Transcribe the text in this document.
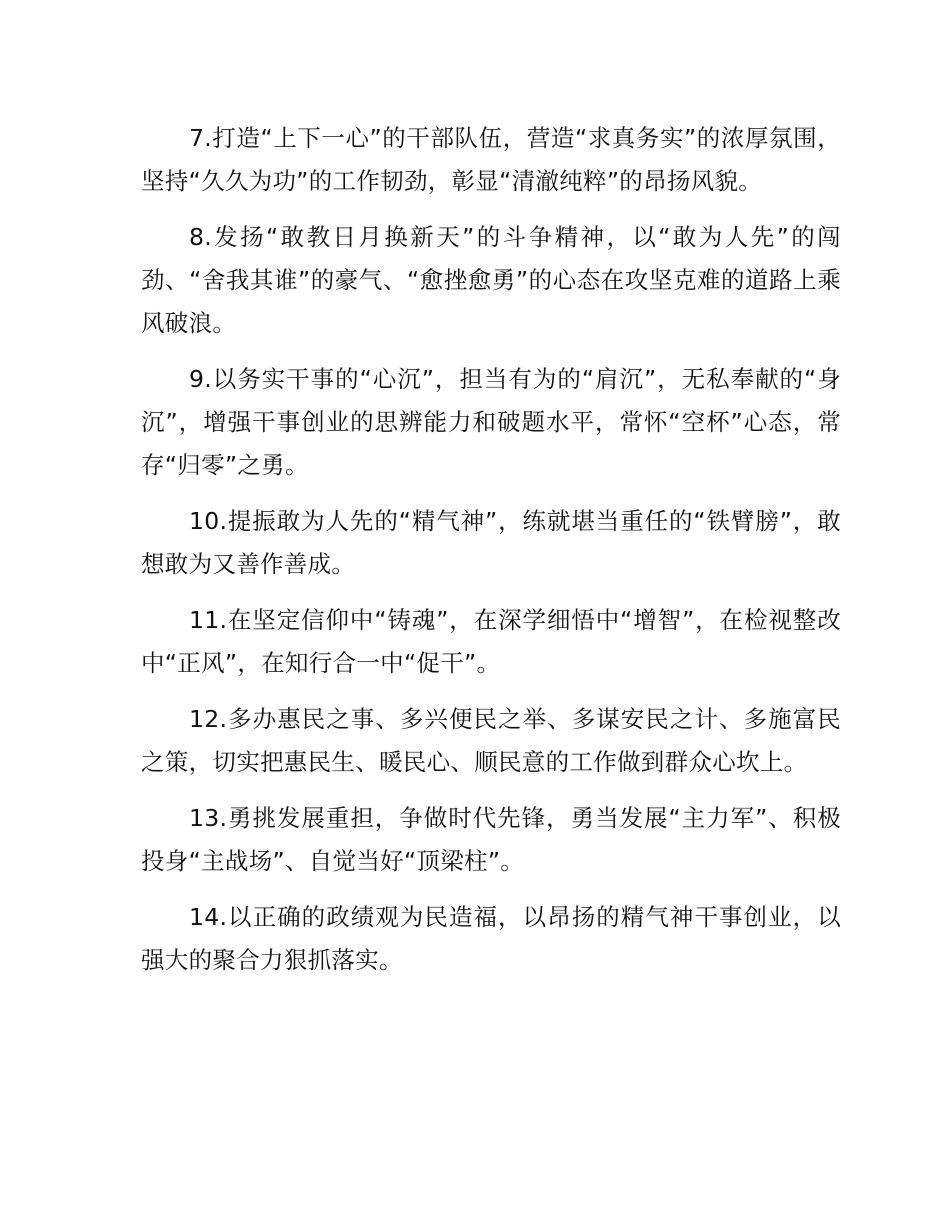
7.打造“上下一心”的干部队伍，营造“求真务实”的浓厚氛围，坚持“久久为功”的工作韧劲，彰显“清澈纯粹”的昂扬风貌。

8.发扬“敢教日月换新天”的斗争精神，以“敢为人先”的闯劲、“舍我其谁”的豪气、“愈挫愈勇”的心态在攻坚克难的道路上乘风破浪。

9.以务实干事的“心沉”，担当有为的“肩沉”，无私奉献的“身沉”，增强干事创业的思辨能力和破题水平，常怀“空杯”心态，常存“归零”之勇。

10.提振敢为人先的“精气神”，练就堪当重任的“铁臂膀”，敢想敢为又善作善成。

11.在坚定信仰中“铸魂”，在深学细悟中“增智”，在检视整改中“正风”，在知行合一中“促干”。

12.多办惠民之事、多兴便民之举、多谋安民之计、多施富民之策，切实把惠民生、暖民心、顺民意的工作做到群众心坎上。

13.勇挑发展重担，争做时代先锋，勇当发展“主力军”、积极投身“主战场”、自觉当好“顶梁柱”。

14.以正确的政绩观为民造福，以昂扬的精气神干事创业，以强大的聚合力狠抓落实。
